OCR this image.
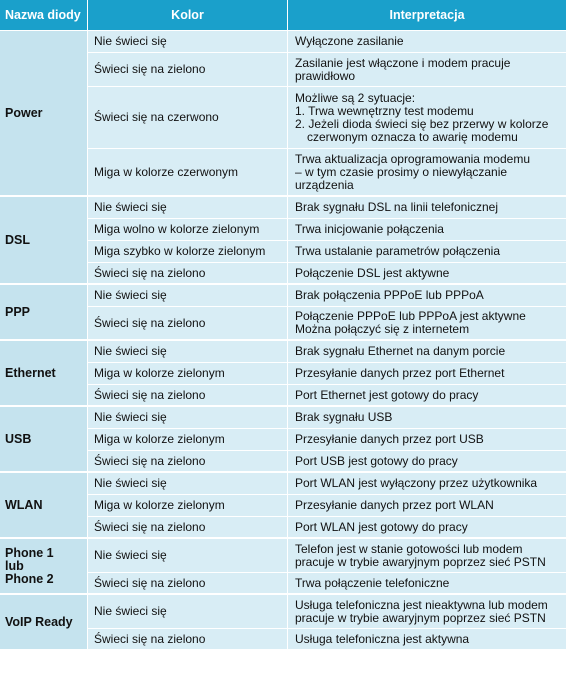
Nazwa diody	Kolor	Interpretacja

Power	Nie świeci się	Wyłączone zasilanie

	Świeci się na zielono	Zasilanie jest włączone i modem pracuje
prawidłowo

	Świeci się na czerwono	Możliwe są 2 sytuacje:
1. Trwa wewnętrzny test modemu
2. Jeżeli dioda świeci się bez przerwy w kolorze
czerwonym oznacza to awarię modemu

	Miga w kolorze czerwonym	Trwa aktualizacja oprogramowania modemu
– w tym czasie prosimy o niewyłączanie
urządzenia

DSL	Nie świeci się	Brak sygnału DSL na linii telefonicznej

	Miga wolno w kolorze zielonym	Trwa inicjowanie połączenia

	Miga szybko w kolorze zielonym	Trwa ustalanie parametrów połączenia

	Świeci się na zielono	Połączenie DSL jest aktywne

PPP	Nie świeci się	Brak połączenia PPPoE lub PPPoA

	Świeci się na zielono	Połączenie PPPoE lub PPPoA jest aktywne
Można połączyć się z internetem

Ethernet	Nie świeci się	Brak sygnału Ethernet na danym porcie

	Miga w kolorze zielonym	Przesyłanie danych przez port Ethernet

	Świeci się na zielono	Port Ethernet jest gotowy do pracy

USB	Nie świeci się	Brak sygnału USB

	Miga w kolorze zielonym	Przesyłanie danych przez port USB

	Świeci się na zielono	Port USB jest gotowy do pracy

WLAN	Nie świeci się	Port WLAN jest wyłączony przez użytkownika

	Miga w kolorze zielonym	Przesyłanie danych przez port WLAN

	Świeci się na zielono	Port WLAN jest gotowy do pracy

Phone 1
lub
Phone 2	Nie świeci się	Telefon jest w stanie gotowości lub modem
pracuje w trybie awaryjnym poprzez sieć PSTN

	Świeci się na zielono	Trwa połączenie telefoniczne

VoIP Ready	Nie świeci się	Usługa telefoniczna jest nieaktywna lub modem
pracuje w trybie awaryjnym poprzez sieć PSTN

	Świeci się na zielono	Usługa telefoniczna jest aktywna
